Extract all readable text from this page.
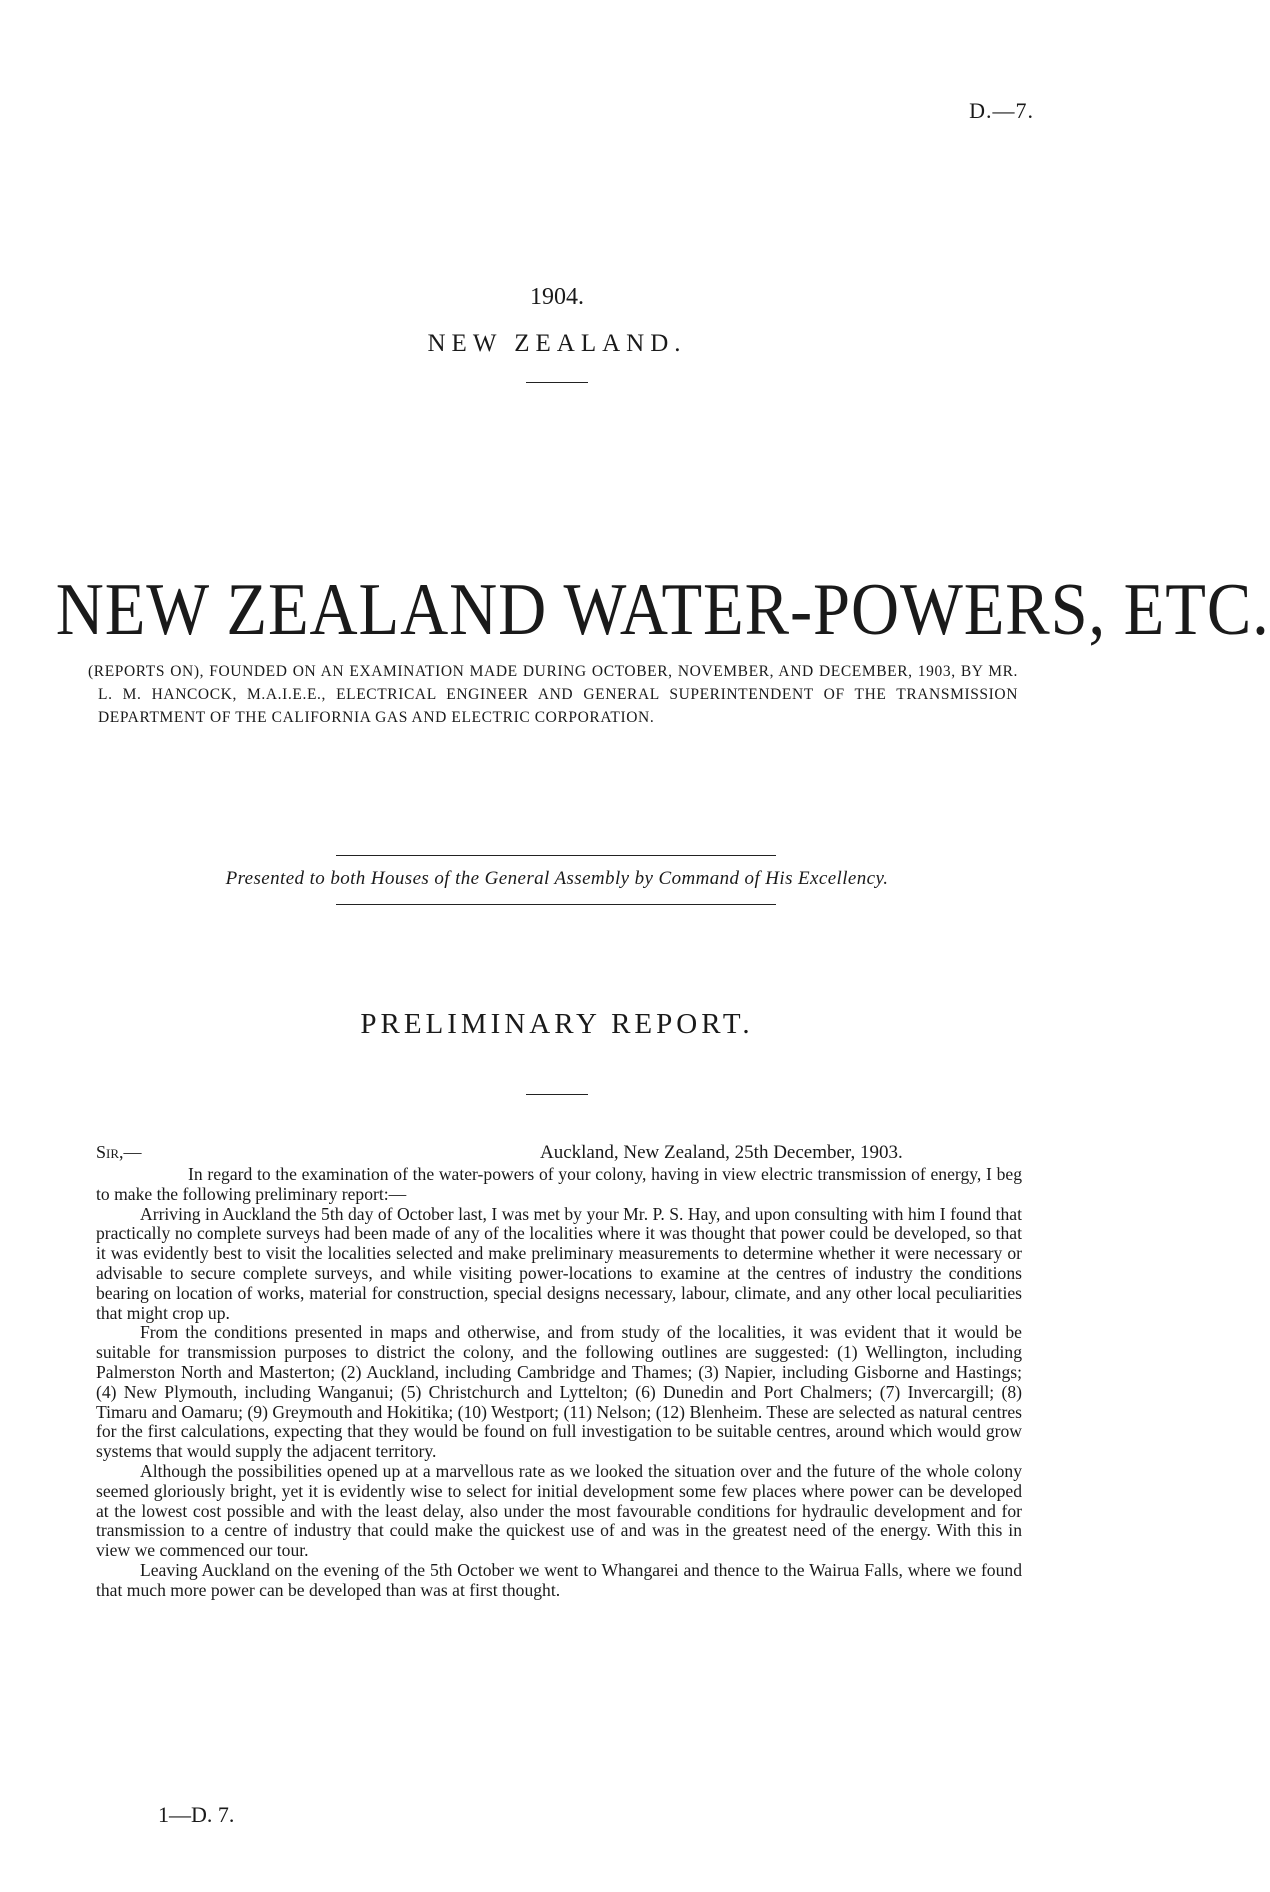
D.—7.
1904.
NEW ZEALAND.
NEW ZEALAND WATER-POWERS, ETC.
(REPORTS ON), FOUNDED ON AN EXAMINATION MADE DURING OCTOBER, NOVEMBER, AND DECEMBER, 1903, BY MR. L. M. HANCOCK, M.A.I.E.E., ELECTRICAL ENGINEER AND GENERAL SUPERINTENDENT OF THE TRANSMISSION DEPARTMENT OF THE CALIFORNIA GAS AND ELECTRIC CORPORATION.
Presented to both Houses of the General Assembly by Command of His Excellency.
PRELIMINARY REPORT.
Sir,—	Auckland, New Zealand, 25th December, 1903.

In regard to the examination of the water-powers of your colony, having in view electric transmission of energy, I beg to make the following preliminary report:—

Arriving in Auckland the 5th day of October last, I was met by your Mr. P. S. Hay, and upon consulting with him I found that practically no complete surveys had been made of any of the localities where it was thought that power could be developed, so that it was evidently best to visit the localities selected and make preliminary measurements to determine whether it were necessary or advisable to secure complete surveys, and while visiting power-locations to examine at the centres of industry the conditions bearing on location of works, material for construction, special designs necessary, labour, climate, and any other local peculiarities that might crop up.

From the conditions presented in maps and otherwise, and from study of the localities, it was evident that it would be suitable for transmission purposes to district the colony, and the following outlines are suggested: (1) Wellington, including Palmerston North and Masterton; (2) Auckland, including Cambridge and Thames; (3) Napier, including Gisborne and Hastings; (4) New Plymouth, including Wanganui; (5) Christchurch and Lyttelton; (6) Dunedin and Port Chalmers; (7) Invercargill; (8) Timaru and Oamaru; (9) Greymouth and Hokitika; (10) Westport; (11) Nelson; (12) Blenheim. These are selected as natural centres for the first calculations, expecting that they would be found on full investigation to be suitable centres, around which would grow systems that would supply the adjacent territory.

Although the possibilities opened up at a marvellous rate as we looked the situation over and the future of the whole colony seemed gloriously bright, yet it is evidently wise to select for initial development some few places where power can be developed at the lowest cost possible and with the least delay, also under the most favourable conditions for hydraulic development and for transmission to a centre of industry that could make the quickest use of and was in the greatest need of the energy. With this in view we commenced our tour.

Leaving Auckland on the evening of the 5th October we went to Whangarei and thence to the Wairua Falls, where we found that much more power can be developed than was at first thought.

1—D. 7.
